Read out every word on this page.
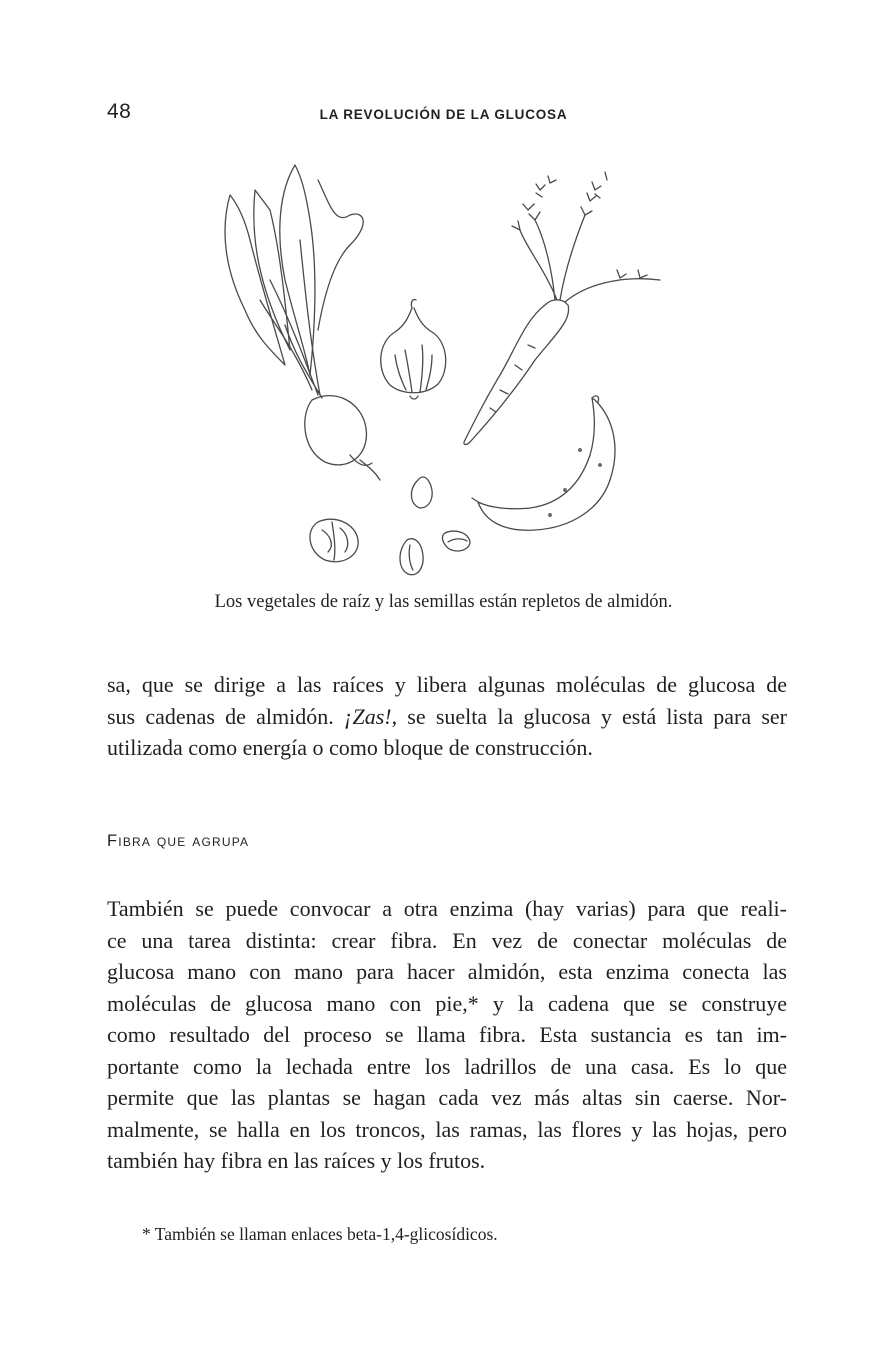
48	LA REVOLUCIÓN DE LA GLUCOSA
Los vegetales de raíz y las semillas están repletos de almidón.
sa, que se dirige a las raíces y libera algunas moléculas de glucosa de
sus cadenas de almidón. ¡Zas!, se suelta la glucosa y está lista para ser
utilizada como energía o como bloque de construcción.
Fibra que agrupa
También se puede convocar a otra enzima (hay varias) para que reali-
ce una tarea distinta: crear fibra. En vez de conectar moléculas de
glucosa mano con mano para hacer almidón, esta enzima conecta las
moléculas de glucosa mano con pie,* y la cadena que se construye
como resultado del proceso se llama fibra. Esta sustancia es tan im-
portante como la lechada entre los ladrillos de una casa. Es lo que
permite que las plantas se hagan cada vez más altas sin caerse. Nor-
malmente, se halla en los troncos, las ramas, las flores y las hojas, pero
también hay fibra en las raíces y los frutos.
* También se llaman enlaces beta-1,4-glicosídicos.
